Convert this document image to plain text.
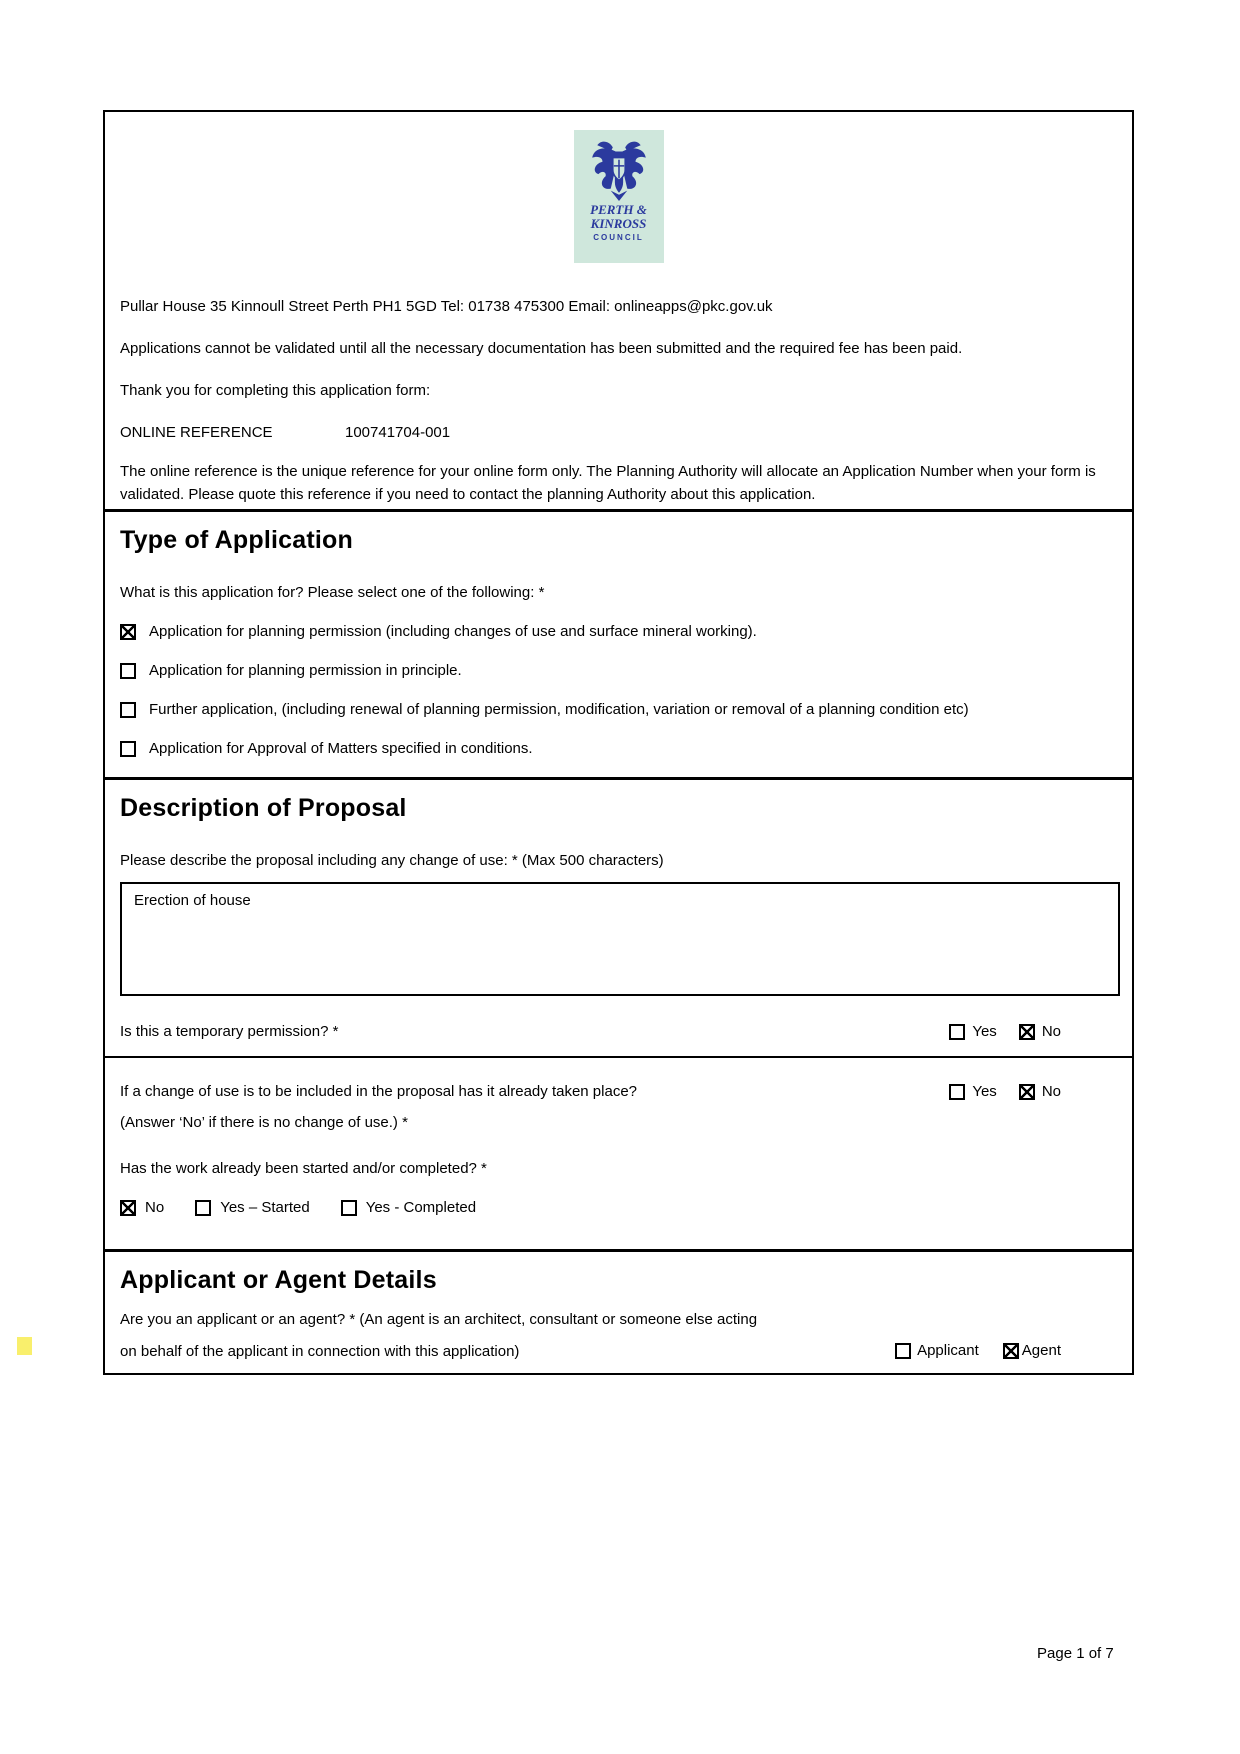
PERTH &
KINROSS
COUNCIL
Pullar House 35 Kinnoull Street Perth PH1 5GD Tel: 01738 475300 Email: onlineapps@pkc.gov.uk
Applications cannot be validated until all the necessary documentation has been submitted and the required fee has been paid.
Thank you for completing this application form:
ONLINE REFERENCE	100741704-001
The online reference is the unique reference for your online form only. The Planning Authority will allocate an Application Number when your form is validated. Please quote this reference if you need to contact the planning Authority about this application.
Type of Application
What is this application for? Please select one of the following: *
Application for planning permission (including changes of use and surface mineral working).
Application for planning permission in principle.
Further application, (including renewal of planning permission, modification, variation or removal of a planning condition etc)
Application for Approval of Matters specified in conditions.
Description of Proposal
Please describe the proposal including any change of use: * (Max 500 characters)
Erection of house
Is this a temporary permission? *	Yes	No
If a change of use is to be included in the proposal has it already taken place?	Yes	No
(Answer ‘No’ if there is no change of use.) *
Has the work already been started and/or completed? *
No	Yes – Started	Yes - Completed
Applicant or Agent Details
Are you an applicant or an agent? * (An agent is an architect, consultant or someone else acting
on behalf of the applicant in connection with this application)	Applicant	Agent
Page 1 of 7
